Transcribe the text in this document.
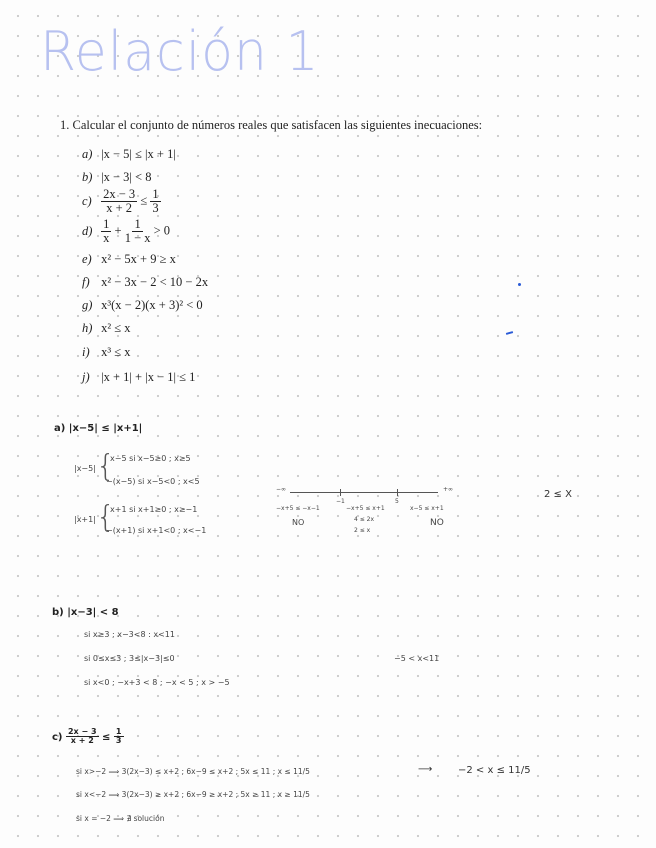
Relación 1
1. Calcular el conjunto de números reales que satisfacen las siguientes inecuaciones:
a) |x − 5| ≤ |x + 1|
b) |x − 3| < 8
$c) \frac{2x - 3}{x + 2} \le \frac{1}{3}$
$d) \frac{1}{x} + \frac{1}{1 - x} > 0$
e) x² − 5x + 9 ≥ x
f) x² − 3x − 2 < 10 − 2x
g) x³(x − 2)(x + 3)² < 0
h) x² ≤ x
i) x³ ≤ x
j) |x + 1| + |x − 1| ≤ 1
a) |x−5| ≤ |x+1|
|x−5| {
x−5 si x−5≥0 ; x≥5
−(x−5) si x−5<0 ; x<5
|x+1| {
x+1 si x+1≥0 ; x≥−1
−(x+1) si x+1<0 ; x<−1
−∞	+∞
−1	5
−x+5 ≤ −x−1
NO
−x+5 ≤ x+1
4 ≤ 2x
2 ≤ x
x−5 ≤ x+1
NO
2 ≤ X
b) |x−3| < 8
si x≥3 ; x−3<8 : x<11
si 0≤x≤3 ; 3≤|x−3|≤0
si x<0 ; −x+3 < 8 ; −x < 5 ; x > −5
−5 < x<11
$c) \frac{2x - 3}{x + 2} \le \frac{1}{3}$
si x>−2 ⟹ 3(2x−3) ≤ x+2 ; 6x−9 ≤ x+2 ; 5x ≤ 11 ; x ≤ 11/5	⟶	−2 < x ≤ 11/5
si x<−2 ⟹ 3(2x−3) ≥ x+2 ; 6x−9 ≥ x+2 ; 5x ≥ 11 ; x ≥ 11/5
si x = −2 ⟹ ∄ solución
